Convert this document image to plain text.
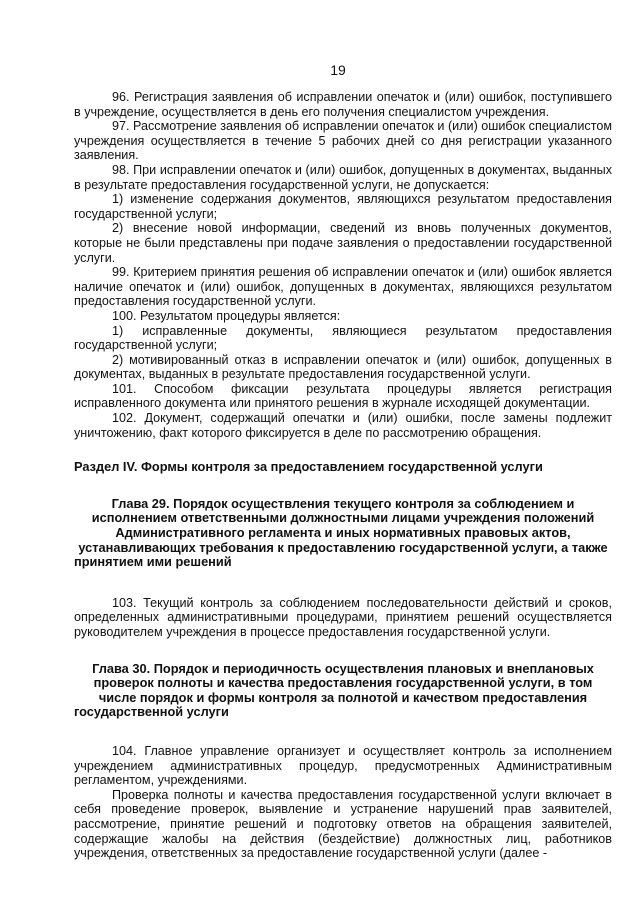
19

96. Регистрация заявления об исправлении опечаток и (или) ошибок, поступившего в учреждение, осуществляется в день его получения специалистом учреждения.

97. Рассмотрение заявления об исправлении опечаток и (или) ошибок специалистом учреждения осуществляется в течение 5 рабочих дней со дня регистрации указанного заявления.

98. При исправлении опечаток и (или) ошибок, допущенных в документах, выданных в результате предоставления государственной услуги, не допускается:

1) изменение содержания документов, являющихся результатом предоставления государственной услуги;

2) внесение новой информации, сведений из вновь полученных документов, которые не были представлены при подаче заявления о предоставлении государственной услуги.

99. Критерием принятия решения об исправлении опечаток и (или) ошибок является наличие опечаток и (или) ошибок, допущенных в документах, являющихся результатом предоставления государственной услуги.

100. Результатом процедуры является:

1) исправленные документы, являющиеся результатом предоставления государственной услуги;

2) мотивированный отказ в исправлении опечаток и (или) ошибок, допущенных в документах, выданных в результате предоставления государственной услуги.

101. Способом фиксации результата процедуры является регистрация исправленного документа или принятого решения в журнале исходящей документации.

102. Документ, содержащий опечатки и (или) ошибки, после замены подлежит уничтожению, факт которого фиксируется в деле по рассмотрению обращения.

Раздел IV. Формы контроля за предоставлением государственной услуги

Глава 29. Порядок осуществления текущего контроля за соблюдением и исполнением ответственными должностными лицами учреждения положений Административного регламента и иных нормативных правовых актов, устанавливающих требования к предоставлению государственной услуги, а также принятием ими решений

103. Текущий контроль за соблюдением последовательности действий и сроков, определенных административными процедурами, принятием решений осуществляется руководителем учреждения в процессе предоставления государственной услуги.

Глава 30. Порядок и периодичность осуществления плановых и внеплановых проверок полноты и качества предоставления государственной услуги, в том числе порядок и формы контроля за полнотой и качеством предоставления государственной услуги

104. Главное управление организует и осуществляет контроль за исполнением учреждением административных процедур, предусмотренных Административным регламентом, учреждениями.

Проверка полноты и качества предоставления государственной услуги включает в себя проведение проверок, выявление и устранение нарушений прав заявителей, рассмотрение, принятие решений и подготовку ответов на обращения заявителей, содержащие жалобы на действия (бездействие) должностных лиц, работников учреждения, ответственных за предоставление государственной услуги (далее -
